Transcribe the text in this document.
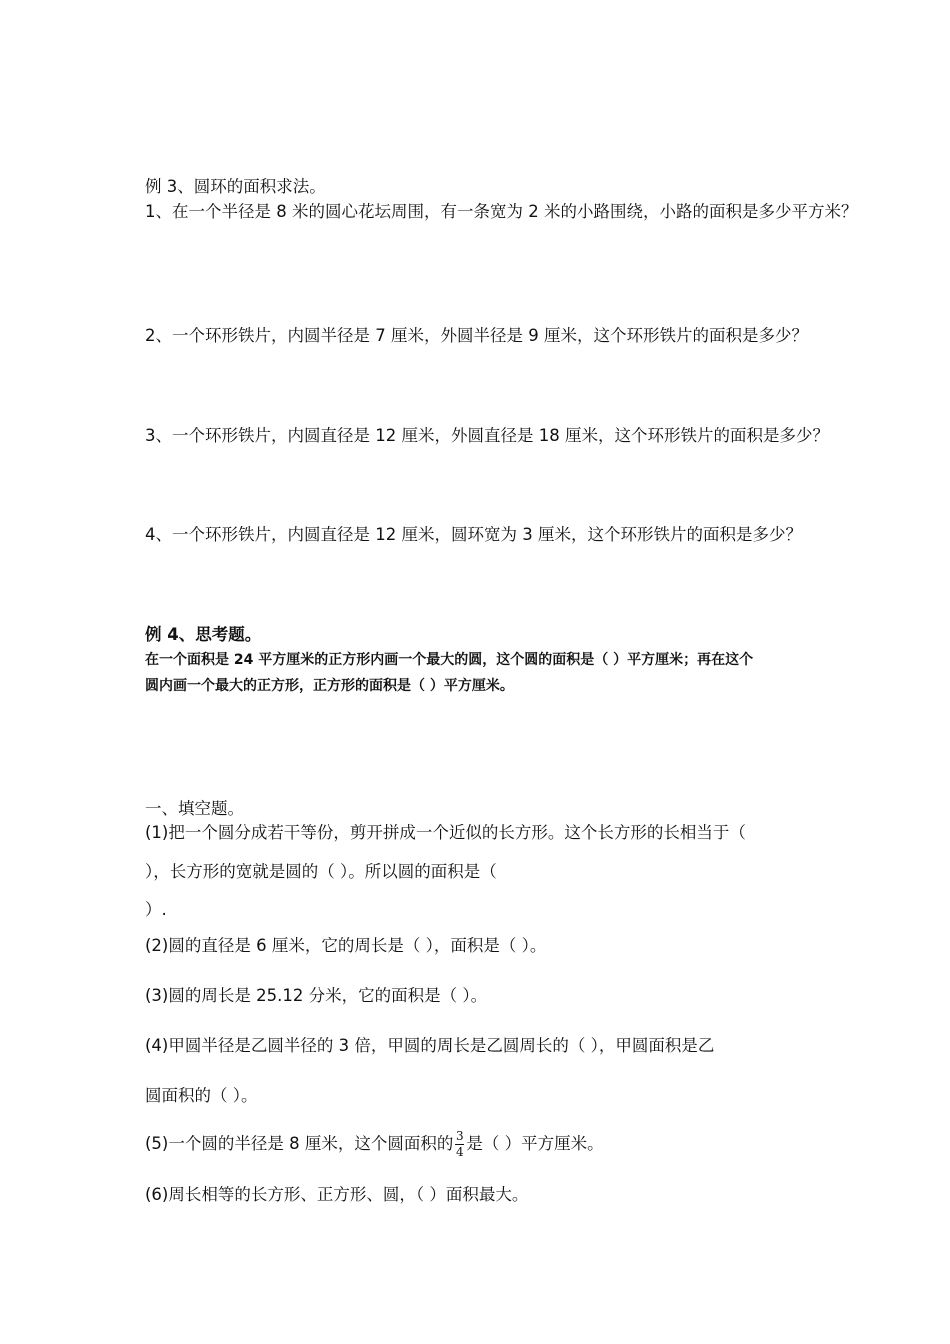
例 3、圆环的面积求法。
1、在一个半径是 8 米的圆心花坛周围，有一条宽为 2 米的小路围绕，小路的面积是多少平方米？
2、一个环形铁片，内圆半径是 7 厘米，外圆半径是 9 厘米，这个环形铁片的面积是多少？
3、一个环形铁片，内圆直径是 12 厘米，外圆直径是 18 厘米，这个环形铁片的面积是多少？
4、一个环形铁片，内圆直径是 12 厘米，圆环宽为 3 厘米，这个环形铁片的面积是多少？
例 4、思考题。
在一个面积是 24 平方厘米的正方形内画一个最大的圆，这个圆的面积是（ ）平方厘米；再在这个
圆内画一个最大的正方形，正方形的面积是（ ）平方厘米。
一、填空题。
(1)把一个圆分成若干等份，剪开拼成一个近似的长方形。这个长方形的长相当于（
），长方形的宽就是圆的（ ）。所以圆的面积是（
）.
(2)圆的直径是 6 厘米，它的周长是（ ），面积是（ ）。
(3)圆的周长是 25.12 分米，它的面积是（ ）。
(4)甲圆半径是乙圆半径的 3 倍，甲圆的周长是乙圆周长的（ ），甲圆面积是乙
圆面积的（ ）。
(5)一个圆的半径是 8 厘米，这个圆面积的 $\frac{3}{4}$ 是（ ）平方厘米。
(6)周长相等的长方形、正方形、圆，（ ）面积最大。
